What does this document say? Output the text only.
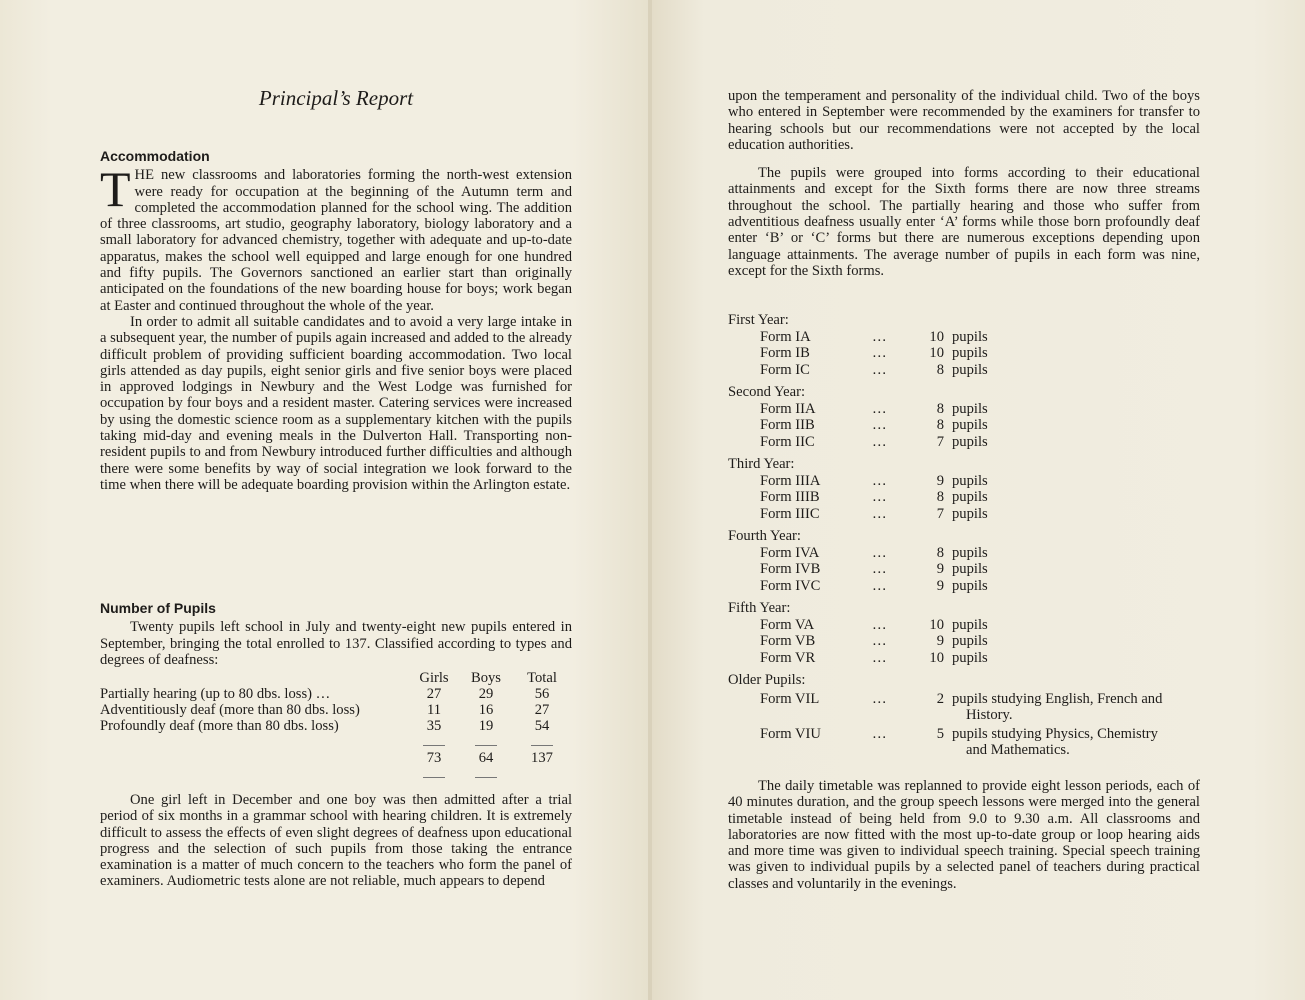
Principal’s Report
Accommodation

THE new classrooms and laboratories forming the north-west extension were ready for occupation at the beginning of the Autumn term and completed the accommodation planned for the school wing. The addition of three classrooms, art studio, geography laboratory, biology laboratory and a small laboratory for advanced chemistry, together with adequate and up-to-date apparatus, makes the school well equipped and large enough for one hundred and fifty pupils. The Governors sanctioned an earlier start than originally anticipated on the foundations of the new boarding house for boys; work began at Easter and continued throughout the whole of the year.

In order to admit all suitable candidates and to avoid a very large intake in a subsequent year, the number of pupils again increased and added to the already difficult problem of providing sufficient boarding accommodation. Two local girls attended as day pupils, eight senior girls and five senior boys were placed in approved lodgings in Newbury and the West Lodge was furnished for occupation by four boys and a resident master. Catering services were increased by using the domestic science room as a supplementary kitchen with the pupils taking mid-day and evening meals in the Dulverton Hall. Transporting non-resident pupils to and from Newbury introduced further difficulties and although there were some benefits by way of social integration we look forward to the time when there will be adequate boarding provision within the Arlington estate.

Number of Pupils

Twenty pupils left school in July and twenty-eight new pupils entered in September, bringing the total enrolled to 137. Classified according to types and degrees of deafness:

	Girls	Boys	Total
Partially hearing (up to 80 dbs. loss) …	27	29	56
Adventitiously deaf (more than 80 dbs. loss)	11	16	27
Profoundly deaf (more than 80 dbs. loss)	35	19	54

	73	64	137

One girl left in December and one boy was then admitted after a trial period of six months in a grammar school with hearing children. It is extremely difficult to assess the effects of even slight degrees of deafness upon educational progress and the selection of such pupils from those taking the entrance examination is a matter of much concern to the teachers who form the panel of examiners. Audiometric tests alone are not reliable, much appears to depend

upon the temperament and personality of the individual child. Two of the boys who entered in September were recommended by the examiners for transfer to hearing schools but our recommendations were not accepted by the local education authorities.

The pupils were grouped into forms according to their educational attainments and except for the Sixth forms there are now three streams throughout the school. The partially hearing and those who suffer from adventitious deafness usually enter ‘A’ forms while those born profoundly deaf enter ‘B’ or ‘C’ forms but there are numerous exceptions depending upon language attainments. The average number of pupils in each form was nine, except for the Sixth forms.

First Year:
Form IA	…	10 pupils
Form IB	…	10 pupils
Form IC	…	8 pupils
Second Year:
Form IIA	…	8 pupils
Form IIB	…	8 pupils
Form IIC	…	7 pupils
Third Year:
Form IIIA	…	9 pupils
Form IIIB	…	8 pupils
Form IIIC	…	7 pupils
Fourth Year:
Form IVA	…	8 pupils
Form IVB	…	9 pupils
Form IVC	…	9 pupils
Fifth Year:
Form VA	…	10 pupils
Form VB	…	9 pupils
Form VR	…	10 pupils
Older Pupils:
Form VIL	…	2 pupils studying English, French and
History.
Form VIU	…	5 pupils studying Physics, Chemistry
and Mathematics.

The daily timetable was replanned to provide eight lesson periods, each of 40 minutes duration, and the group speech lessons were merged into the general timetable instead of being held from 9.0 to 9.30 a.m. All classrooms and laboratories are now fitted with the most up-to-date group or loop hearing aids and more time was given to individual speech training. Special speech training was given to individual pupils by a selected panel of teachers during practical classes and voluntarily in the evenings.
